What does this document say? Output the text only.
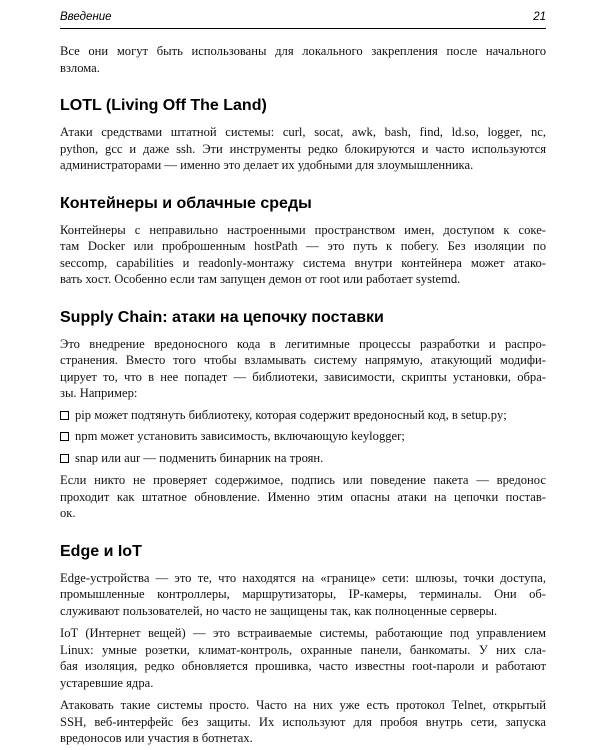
Введение	21

Все они могут быть использованы для локального закрепления после начального
взлома.

LOTL (Living Off The Land)

Атаки средствами штатной системы: curl, socat, awk, bash, find, ld.so, logger, nc,
python, gcc и даже ssh. Эти инструменты редко блокируются и часто используются
администраторами — именно это делает их удобными для злоумышленника.

Контейнеры и облачные среды

Контейнеры с неправильно настроенными пространством имен, доступом к соке-
там Docker или проброшенным hostPath — это путь к побегу. Без изоляции по
seccomp, capabilities и readonly-монтажу система внутри контейнера может атако-
вать хост. Особенно если там запущен демон от root или работает systemd.

Supply Chain: атаки на цепочку поставки

Это внедрение вредоносного кода в легитимные процессы разработки и распро-
странения. Вместо того чтобы взламывать систему напрямую, атакующий модифи-
цирует то, что в нее попадет — библиотеки, зависимости, скрипты установки, обра-
зы. Например:

pip может подтянуть библиотеку, которая содержит вредоносный код, в setup.py;
npm может установить зависимость, включающую keylogger;
snap или aur — подменить бинарник на троян.

Если никто не проверяет содержимое, подпись или поведение пакета — вредонос
проходит как штатное обновление. Именно этим опасны атаки на цепочки постав-
ок.

Edge и IoT

Edge-устройства — это те, что находятся на «границе» сети: шлюзы, точки доступа,
промышленные контроллеры, маршрутизаторы, IP-камеры, терминалы. Они об-
служивают пользователей, но часто не защищены так, как полноценные серверы.

IoT (Интернет вещей) — это встраиваемые системы, работающие под управлением
Linux: умные розетки, климат-контроль, охранные панели, банкоматы. У них сла-
бая изоляция, редко обновляется прошивка, часто известны root-пароли и работают
устаревшие ядра.

Атаковать такие системы просто. Часто на них уже есть протокол Telnet, открытый
SSH, веб-интерфейс без защиты. Их используют для пробоя внутрь сети, запуска
вредоносов или участия в ботнетах.
